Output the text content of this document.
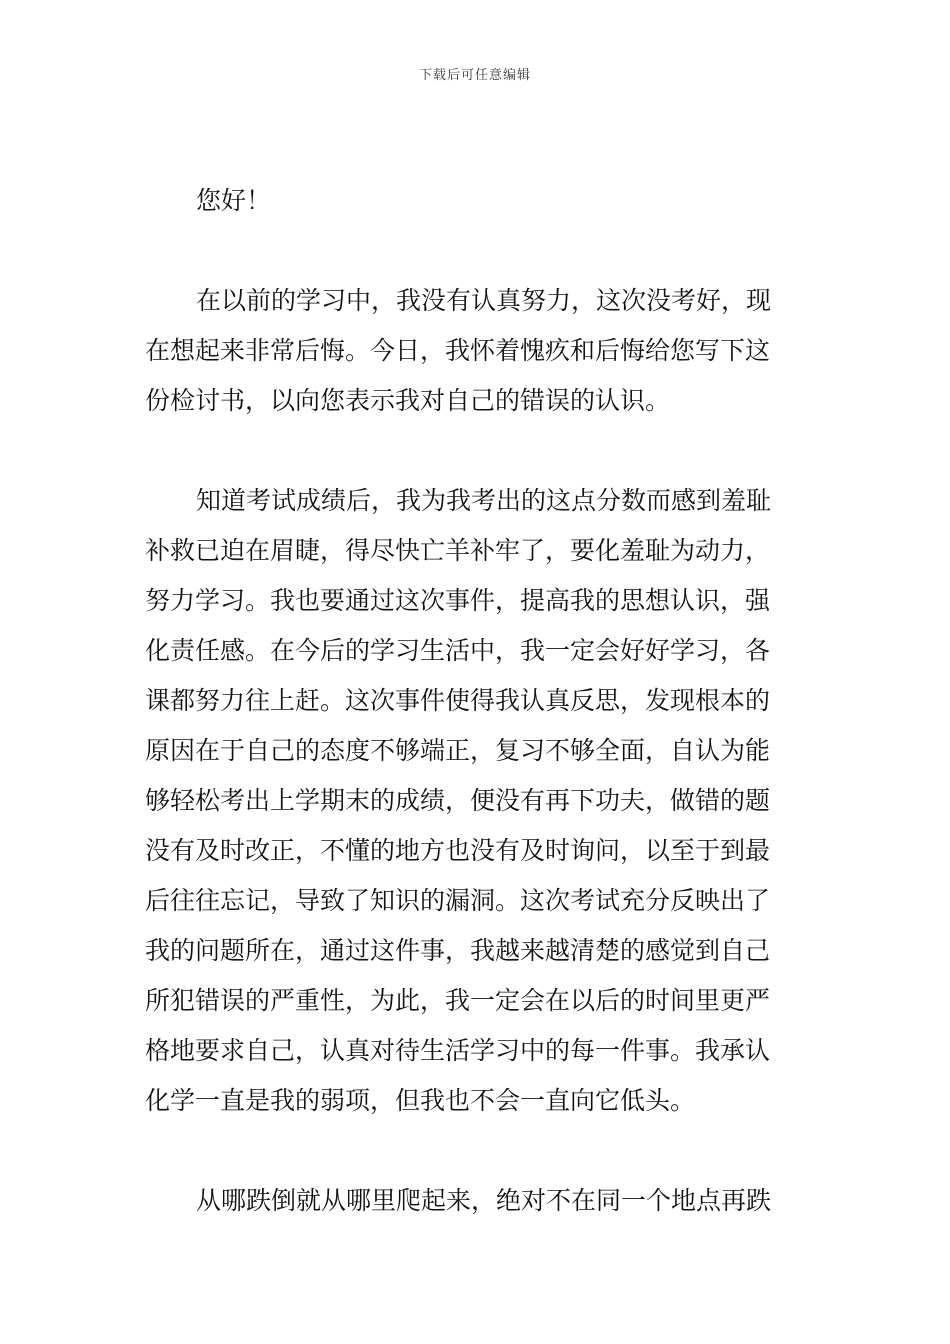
下载后可任意编辑
您好！
在以前的学习中，我没有认真努力，这次没考好，现
在想起来非常后悔。今日，我怀着愧疚和后悔给您写下这
份检讨书，以向您表示我对自己的错误的认识。
知道考试成绩后，我为我考出的这点分数而感到羞耻
补救已迫在眉睫，得尽快亡羊补牢了，要化羞耻为动力，
努力学习。我也要通过这次事件，提高我的思想认识，强
化责任感。在今后的学习生活中，我一定会好好学习，各
课都努力往上赶。这次事件使得我认真反思，发现根本的
原因在于自己的态度不够端正，复习不够全面，自认为能
够轻松考出上学期末的成绩，便没有再下功夫，做错的题
没有及时改正，不懂的地方也没有及时询问，以至于到最
后往往忘记，导致了知识的漏洞。这次考试充分反映出了
我的问题所在，通过这件事，我越来越清楚的感觉到自己
所犯错误的严重性，为此，我一定会在以后的时间里更严
格地要求自己，认真对待生活学习中的每一件事。我承认
化学一直是我的弱项，但我也不会一直向它低头。
从哪跌倒就从哪里爬起来，绝对不在同一个地点再跌
